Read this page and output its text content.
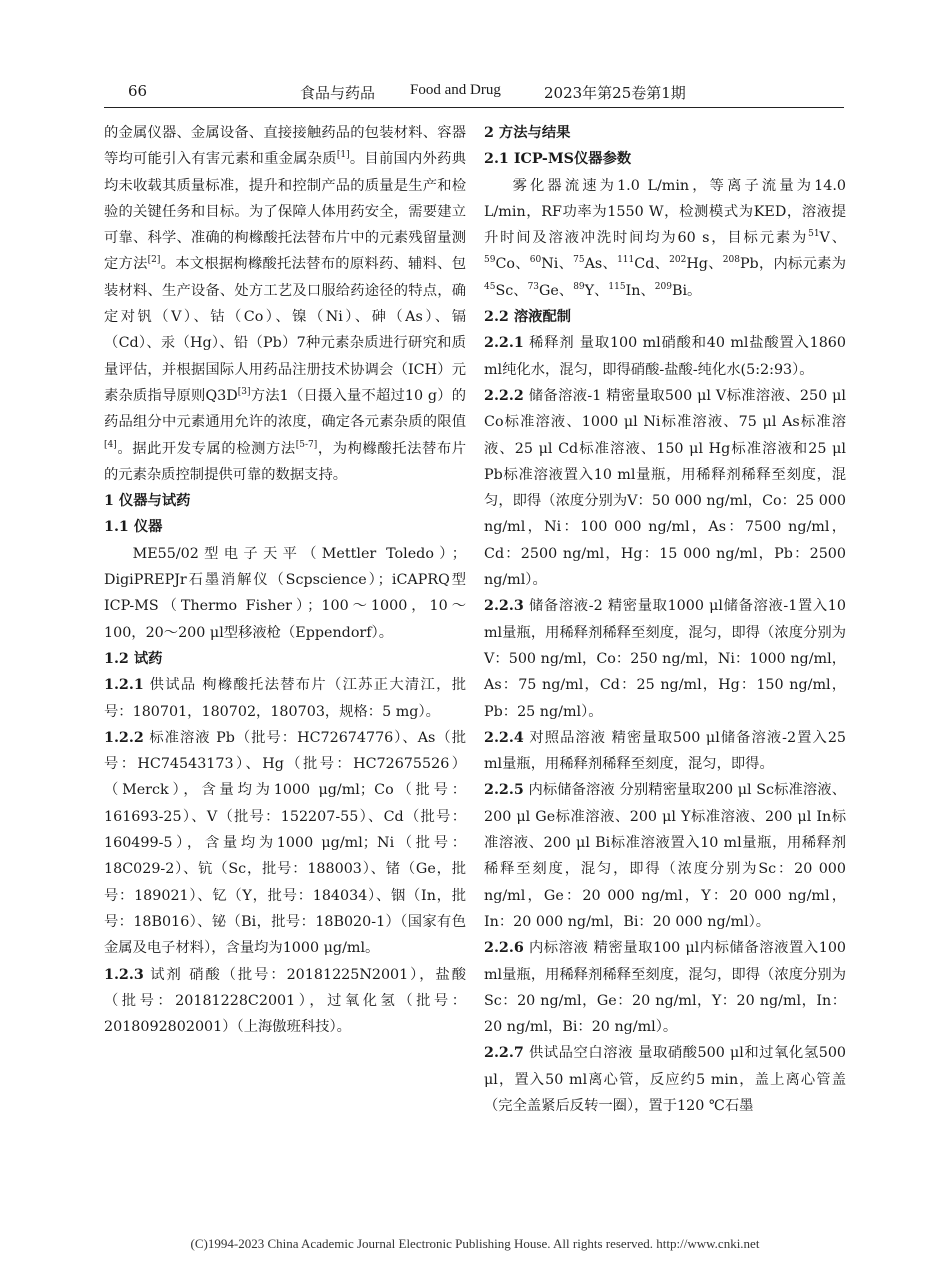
66	食品与药品 Food and Drug	2023年第25卷第1期

的金属仪器、金属设备、直接接触药品的包装材料、容器等均可能引入有害元素和重金属杂质[1]。目前国内外药典均未收载其质量标准，提升和控制产品的质量是生产和检验的关键任务和目标。为了保障人体用药安全，需要建立可靠、科学、准确的枸橼酸托法替布片中的元素残留量测定方法[2]。本文根据枸橼酸托法替布的原料药、辅料、包装材料、生产设备、处方工艺及口服给药途径的特点，确定对钒（V）、钴（Co）、镍（Ni）、砷（As）、镉（Cd）、汞（Hg）、铅（Pb）7种元素杂质进行研究和质量评估，并根据国际人用药品注册技术协调会（ICH）元素杂质指导原则Q3D[3]方法1（日摄入量不超过10 g）的药品组分中元素通用允许的浓度，确定各元素杂质的限值[4]。据此开发专属的检测方法[5-7]，为枸橼酸托法替布片的元素杂质控制提供可靠的数据支持。

1 仪器与试药

1.1 仪器

ME55/02型电子天平（Mettler Toledo）；DigiPREPJr石墨消解仪（Scpscience）；iCAPRQ型ICP-MS（Thermo Fisher）；100～1000，10～100，20～200 μl型移液枪（Eppendorf）。

1.2 试药

1.2.1 供试品 枸橼酸托法替布片（江苏正大清江，批号：180701，180702，180703，规格：5 mg）。

1.2.2 标准溶液 Pb（批号：HC72674776）、As（批号：HC74543173）、Hg（批号：HC72675526）（Merck），含量均为1000 μg/ml；Co（批号：161693-25）、V（批号：152207-55）、Cd（批号：160499-5），含量均为1000 μg/ml；Ni（批号：18C029-2）、钪（Sc，批号：188003）、锗（Ge，批号：189021）、钇（Y，批号：184034）、铟（In，批号：18B016）、铋（Bi，批号：18B020-1）（国家有色金属及电子材料），含量均为1000 μg/ml。

1.2.3 试剂 硝酸（批号：20181225N2001），盐酸（批号：20181228C2001），过氧化氢（批号：2018092802001）（上海傲班科技）。

2 方法与结果

2.1 ICP-MS仪器参数

雾化器流速为1.0 L/min，等离子流量为14.0 L/min，RF功率为1550 W，检测模式为KED，溶液提升时间及溶液冲洗时间均为60 s，目标元素为$^{51}$V、$^{59}$Co、$^{60}$Ni、$^{75}$As、$^{111}$Cd、$^{202}$Hg、$^{208}$Pb，内标元素为$^{45}$Sc、$^{73}$Ge、$^{89}$Y、$^{115}$In、$^{209}$Bi。

2.2 溶液配制

2.2.1 稀释剂 量取100 ml硝酸和40 ml盐酸置入1860 ml纯化水，混匀，即得硝酸-盐酸-纯化水(5:2:93）。

2.2.2 储备溶液-1 精密量取500 μl V标准溶液、250 μl Co标准溶液、1000 μl Ni标准溶液、75 μl As标准溶液、25 μl Cd标准溶液、150 μl Hg标准溶液和25 μl Pb标准溶液置入10 ml量瓶，用稀释剂稀释至刻度，混匀，即得（浓度分别为V：50 000 ng/ml，Co：25 000 ng/ml，Ni：100 000 ng/ml，As：7500 ng/ml，Cd：2500 ng/ml，Hg：15 000 ng/ml，Pb：2500 ng/ml）。

2.2.3 储备溶液-2 精密量取1000 μl储备溶液-1置入10 ml量瓶，用稀释剂稀释至刻度，混匀，即得（浓度分别为V：500 ng/ml，Co：250 ng/ml，Ni：1000 ng/ml，As：75 ng/ml，Cd：25 ng/ml，Hg：150 ng/ml，Pb：25 ng/ml）。

2.2.4 对照品溶液 精密量取500 μl储备溶液-2置入25 ml量瓶，用稀释剂稀释至刻度，混匀，即得。

2.2.5 内标储备溶液 分别精密量取200 μl Sc标准溶液、200 μl Ge标准溶液、200 μl Y标准溶液、200 μl In标准溶液、200 μl Bi标准溶液置入10 ml量瓶，用稀释剂稀释至刻度，混匀，即得（浓度分别为Sc：20 000 ng/ml，Ge：20 000 ng/ml，Y：20 000 ng/ml，In：20 000 ng/ml，Bi：20 000 ng/ml）。

2.2.6 内标溶液 精密量取100 μl内标储备溶液置入100 ml量瓶，用稀释剂稀释至刻度，混匀，即得（浓度分别为Sc：20 ng/ml，Ge：20 ng/ml，Y：20 ng/ml，In：20 ng/ml，Bi：20 ng/ml）。

2.2.7 供试品空白溶液 量取硝酸500 μl和过氧化氢500 μl，置入50 ml离心管，反应约5 min，盖上离心管盖（完全盖紧后反转一圈），置于120 ℃石墨

(C)1994-2023 China Academic Journal Electronic Publishing House. All rights reserved. http://www.cnki.net
